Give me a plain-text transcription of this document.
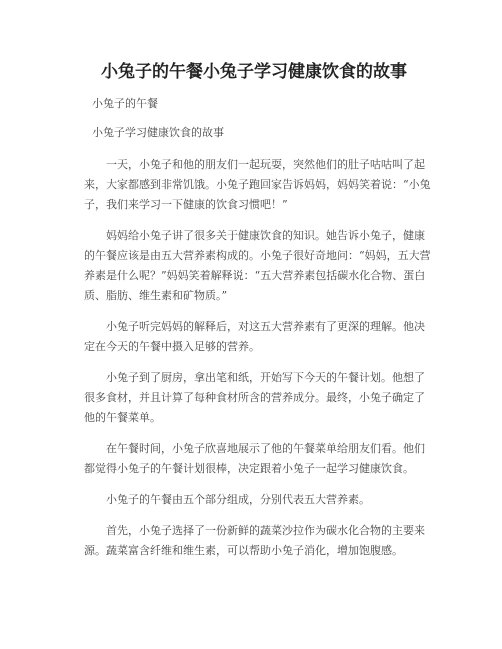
小兔子的午餐小兔子学习健康饮食的故事

小兔子的午餐

小兔子学习健康饮食的故事

一天，小兔子和他的朋友们一起玩耍，突然他们的肚子咕咕叫了起来，大家都感到非常饥饿。小兔子跑回家告诉妈妈，妈妈笑着说：“小兔子，我们来学习一下健康的饮食习惯吧！”

妈妈给小兔子讲了很多关于健康饮食的知识。她告诉小兔子，健康的午餐应该是由五大营养素构成的。小兔子很好奇地问：“妈妈，五大营养素是什么呢？”妈妈笑着解释说：“五大营养素包括碳水化合物、蛋白质、脂肪、维生素和矿物质。”

小兔子听完妈妈的解释后，对这五大营养素有了更深的理解。他决定在今天的午餐中摄入足够的营养。

小兔子到了厨房，拿出笔和纸，开始写下今天的午餐计划。他想了很多食材，并且计算了每种食材所含的营养成分。最终，小兔子确定了他的午餐菜单。

在午餐时间，小兔子欣喜地展示了他的午餐菜单给朋友们看。他们都觉得小兔子的午餐计划很棒，决定跟着小兔子一起学习健康饮食。

小兔子的午餐由五个部分组成，分别代表五大营养素。

首先，小兔子选择了一份新鲜的蔬菜沙拉作为碳水化合物的主要来源。蔬菜富含纤维和维生素，可以帮助小兔子消化，增加饱腹感。
